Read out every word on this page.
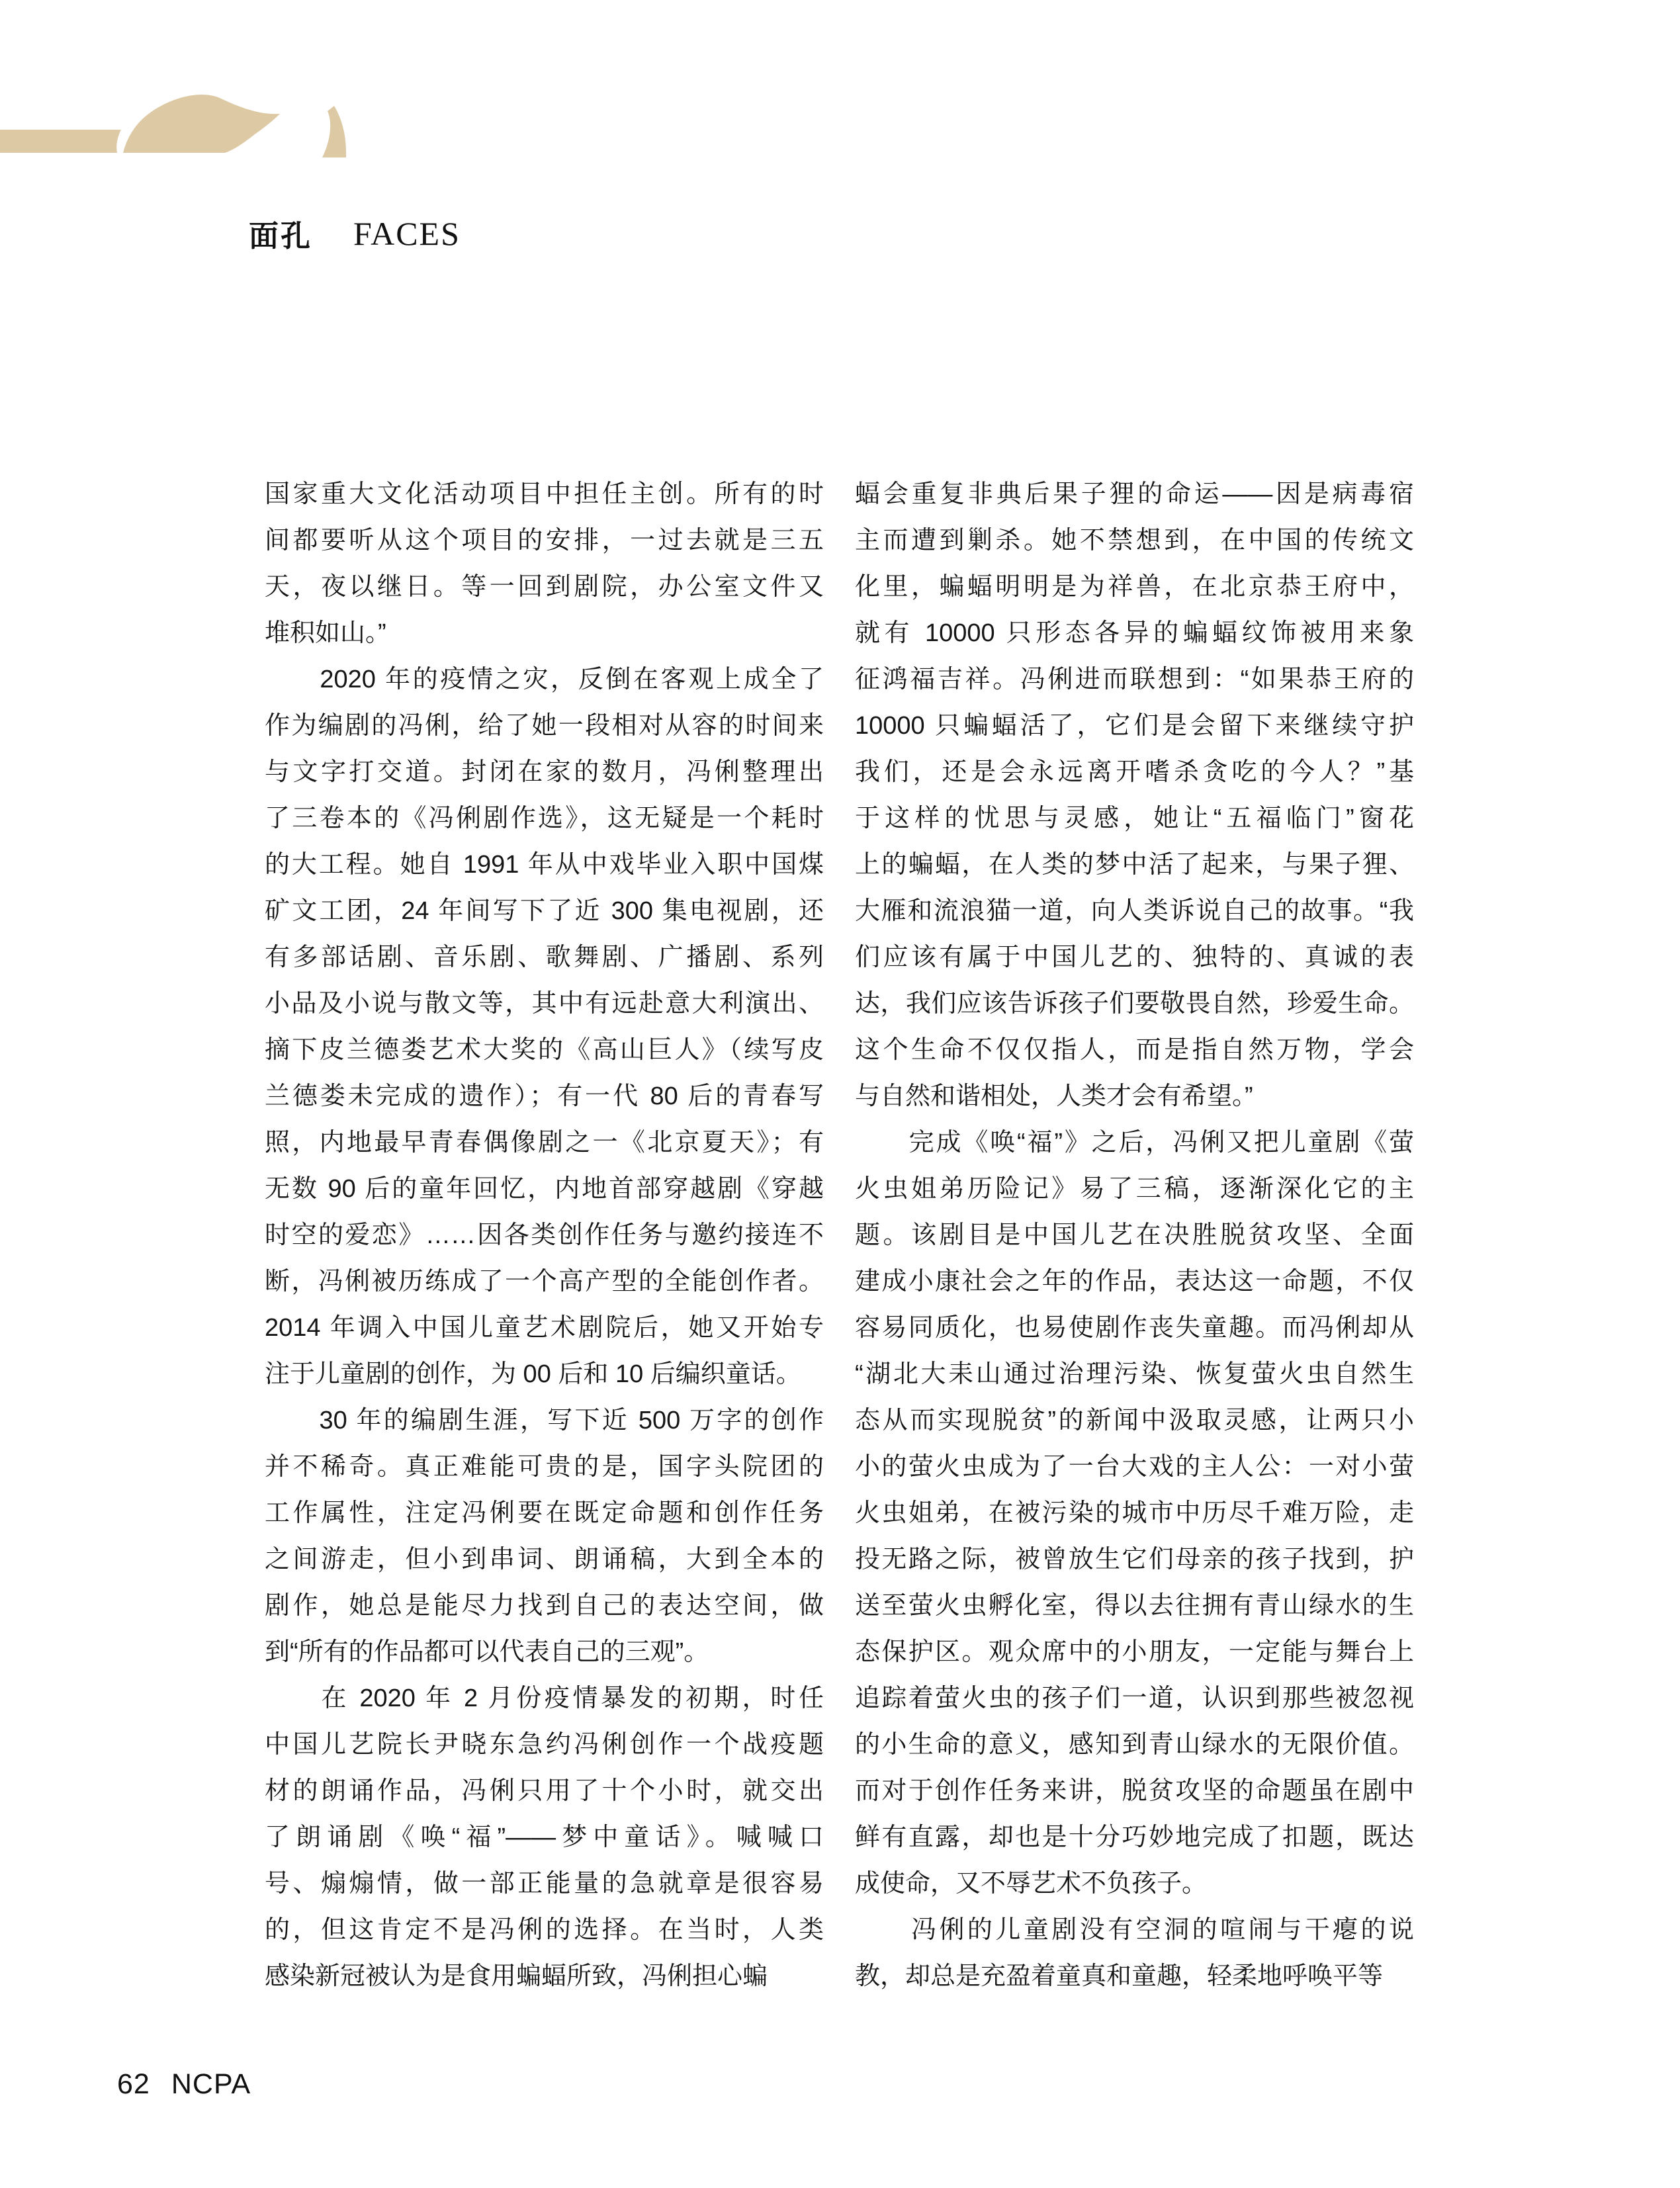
面孔 FACES
国家重大文化活动项目中担任主创。所有的时
间都要听从这个项目的安排，一过去就是三五
天，夜以继日。等一回到剧院，办公室文件又
堆积如山。”
　　2020 年的疫情之灾，反倒在客观上成全了
作为编剧的冯俐，给了她一段相对从容的时间来
与文字打交道。封闭在家的数月，冯俐整理出
了三卷本的《冯俐剧作选》，这无疑是一个耗时
的大工程。她自 1991 年从中戏毕业入职中国煤
矿文工团，24 年间写下了近 300 集电视剧，还
有多部话剧、音乐剧、歌舞剧、广播剧、系列
小品及小说与散文等，其中有远赴意大利演出、
摘下皮兰德娄艺术大奖的《高山巨人》（续写皮
兰德娄未完成的遗作）；有一代 80 后的青春写
照，内地最早青春偶像剧之一《北京夏天》；有
无数 90 后的童年回忆，内地首部穿越剧《穿越
时空的爱恋》……因各类创作任务与邀约接连不
断，冯俐被历练成了一个高产型的全能创作者。
2014 年调入中国儿童艺术剧院后，她又开始专
注于儿童剧的创作，为 00 后和 10 后编织童话。
　　30 年的编剧生涯，写下近 500 万字的创作
并不稀奇。真正难能可贵的是，国字头院团的
工作属性，注定冯俐要在既定命题和创作任务
之间游走，但小到串词、朗诵稿，大到全本的
剧作，她总是能尽力找到自己的表达空间，做
到“所有的作品都可以代表自己的三观”。
　　在 2020 年 2 月份疫情暴发的初期，时任
中国儿艺院长尹晓东急约冯俐创作一个战疫题
材的朗诵作品，冯俐只用了十个小时，就交出
了朗诵剧《唤“福”——梦中童话》。喊喊口
号、煽煽情，做一部正能量的急就章是很容易
的，但这肯定不是冯俐的选择。在当时，人类
感染新冠被认为是食用蝙蝠所致，冯俐担心蝙
蝠会重复非典后果子狸的命运——因是病毒宿
主而遭到剿杀。她不禁想到，在中国的传统文
化里，蝙蝠明明是为祥兽，在北京恭王府中，
就有 10000 只形态各异的蝙蝠纹饰被用来象
征鸿福吉祥。冯俐进而联想到：“如果恭王府的
10000 只蝙蝠活了，它们是会留下来继续守护
我们，还是会永远离开嗜杀贪吃的今人？”基
于这样的忧思与灵感，她让“五福临门”窗花
上的蝙蝠，在人类的梦中活了起来，与果子狸、
大雁和流浪猫一道，向人类诉说自己的故事。“我
们应该有属于中国儿艺的、独特的、真诚的表
达，我们应该告诉孩子们要敬畏自然，珍爱生命。
这个生命不仅仅指人，而是指自然万物，学会
与自然和谐相处，人类才会有希望。”
　　完成《唤“福”》之后，冯俐又把儿童剧《萤
火虫姐弟历险记》易了三稿，逐渐深化它的主
题。该剧目是中国儿艺在决胜脱贫攻坚、全面
建成小康社会之年的作品，表达这一命题，不仅
容易同质化，也易使剧作丧失童趣。而冯俐却从
“湖北大耒山通过治理污染、恢复萤火虫自然生
态从而实现脱贫”的新闻中汲取灵感，让两只小
小的萤火虫成为了一台大戏的主人公：一对小萤
火虫姐弟，在被污染的城市中历尽千难万险，走
投无路之际，被曾放生它们母亲的孩子找到，护
送至萤火虫孵化室，得以去往拥有青山绿水的生
态保护区。观众席中的小朋友，一定能与舞台上
追踪着萤火虫的孩子们一道，认识到那些被忽视
的小生命的意义，感知到青山绿水的无限价值。
而对于创作任务来讲，脱贫攻坚的命题虽在剧中
鲜有直露，却也是十分巧妙地完成了扣题，既达
成使命，又不辱艺术不负孩子。
　　冯俐的儿童剧没有空洞的喧闹与干瘪的说
教，却总是充盈着童真和童趣，轻柔地呼唤平等
62 NCPA
